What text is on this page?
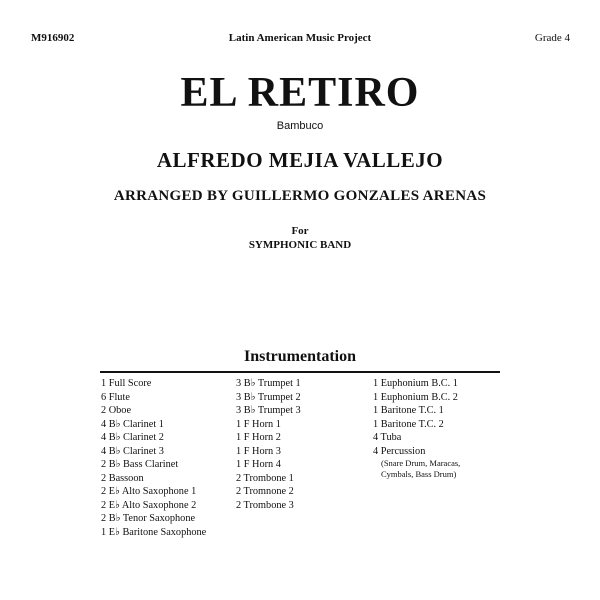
M916902	Latin American Music Project	Grade 4
EL RETIRO
Bambuco
ALFREDO MEJIA VALLEJO
ARRANGED BY GUILLERMO GONZALES ARENAS
For
SYMPHONIC BAND
Instrumentation
1 Full Score
6 Flute
2 Oboe
4 B♭ Clarinet 1
4 B♭ Clarinet 2
4 B♭ Clarinet 3
2 B♭ Bass Clarinet
2 Bassoon
2 E♭ Alto Saxophone 1
2 E♭ Alto Saxophone 2
2 B♭ Tenor Saxophone
1 E♭ Baritone Saxophone
3 B♭ Trumpet 1
3 B♭ Trumpet 2
3 B♭ Trumpet 3
1 F Horn 1
1 F Horn 2
1 F Horn 3
1 F Horn 4
2 Trombone 1
2 Tromnone 2
2 Trombone 3
1 Euphonium B.C. 1
1 Euphonium B.C. 2
1 Baritone T.C. 1
1 Baritone T.C. 2
4 Tuba
4 Percussion
(Snare Drum, Maracas,
Cymbals, Bass Drum)
